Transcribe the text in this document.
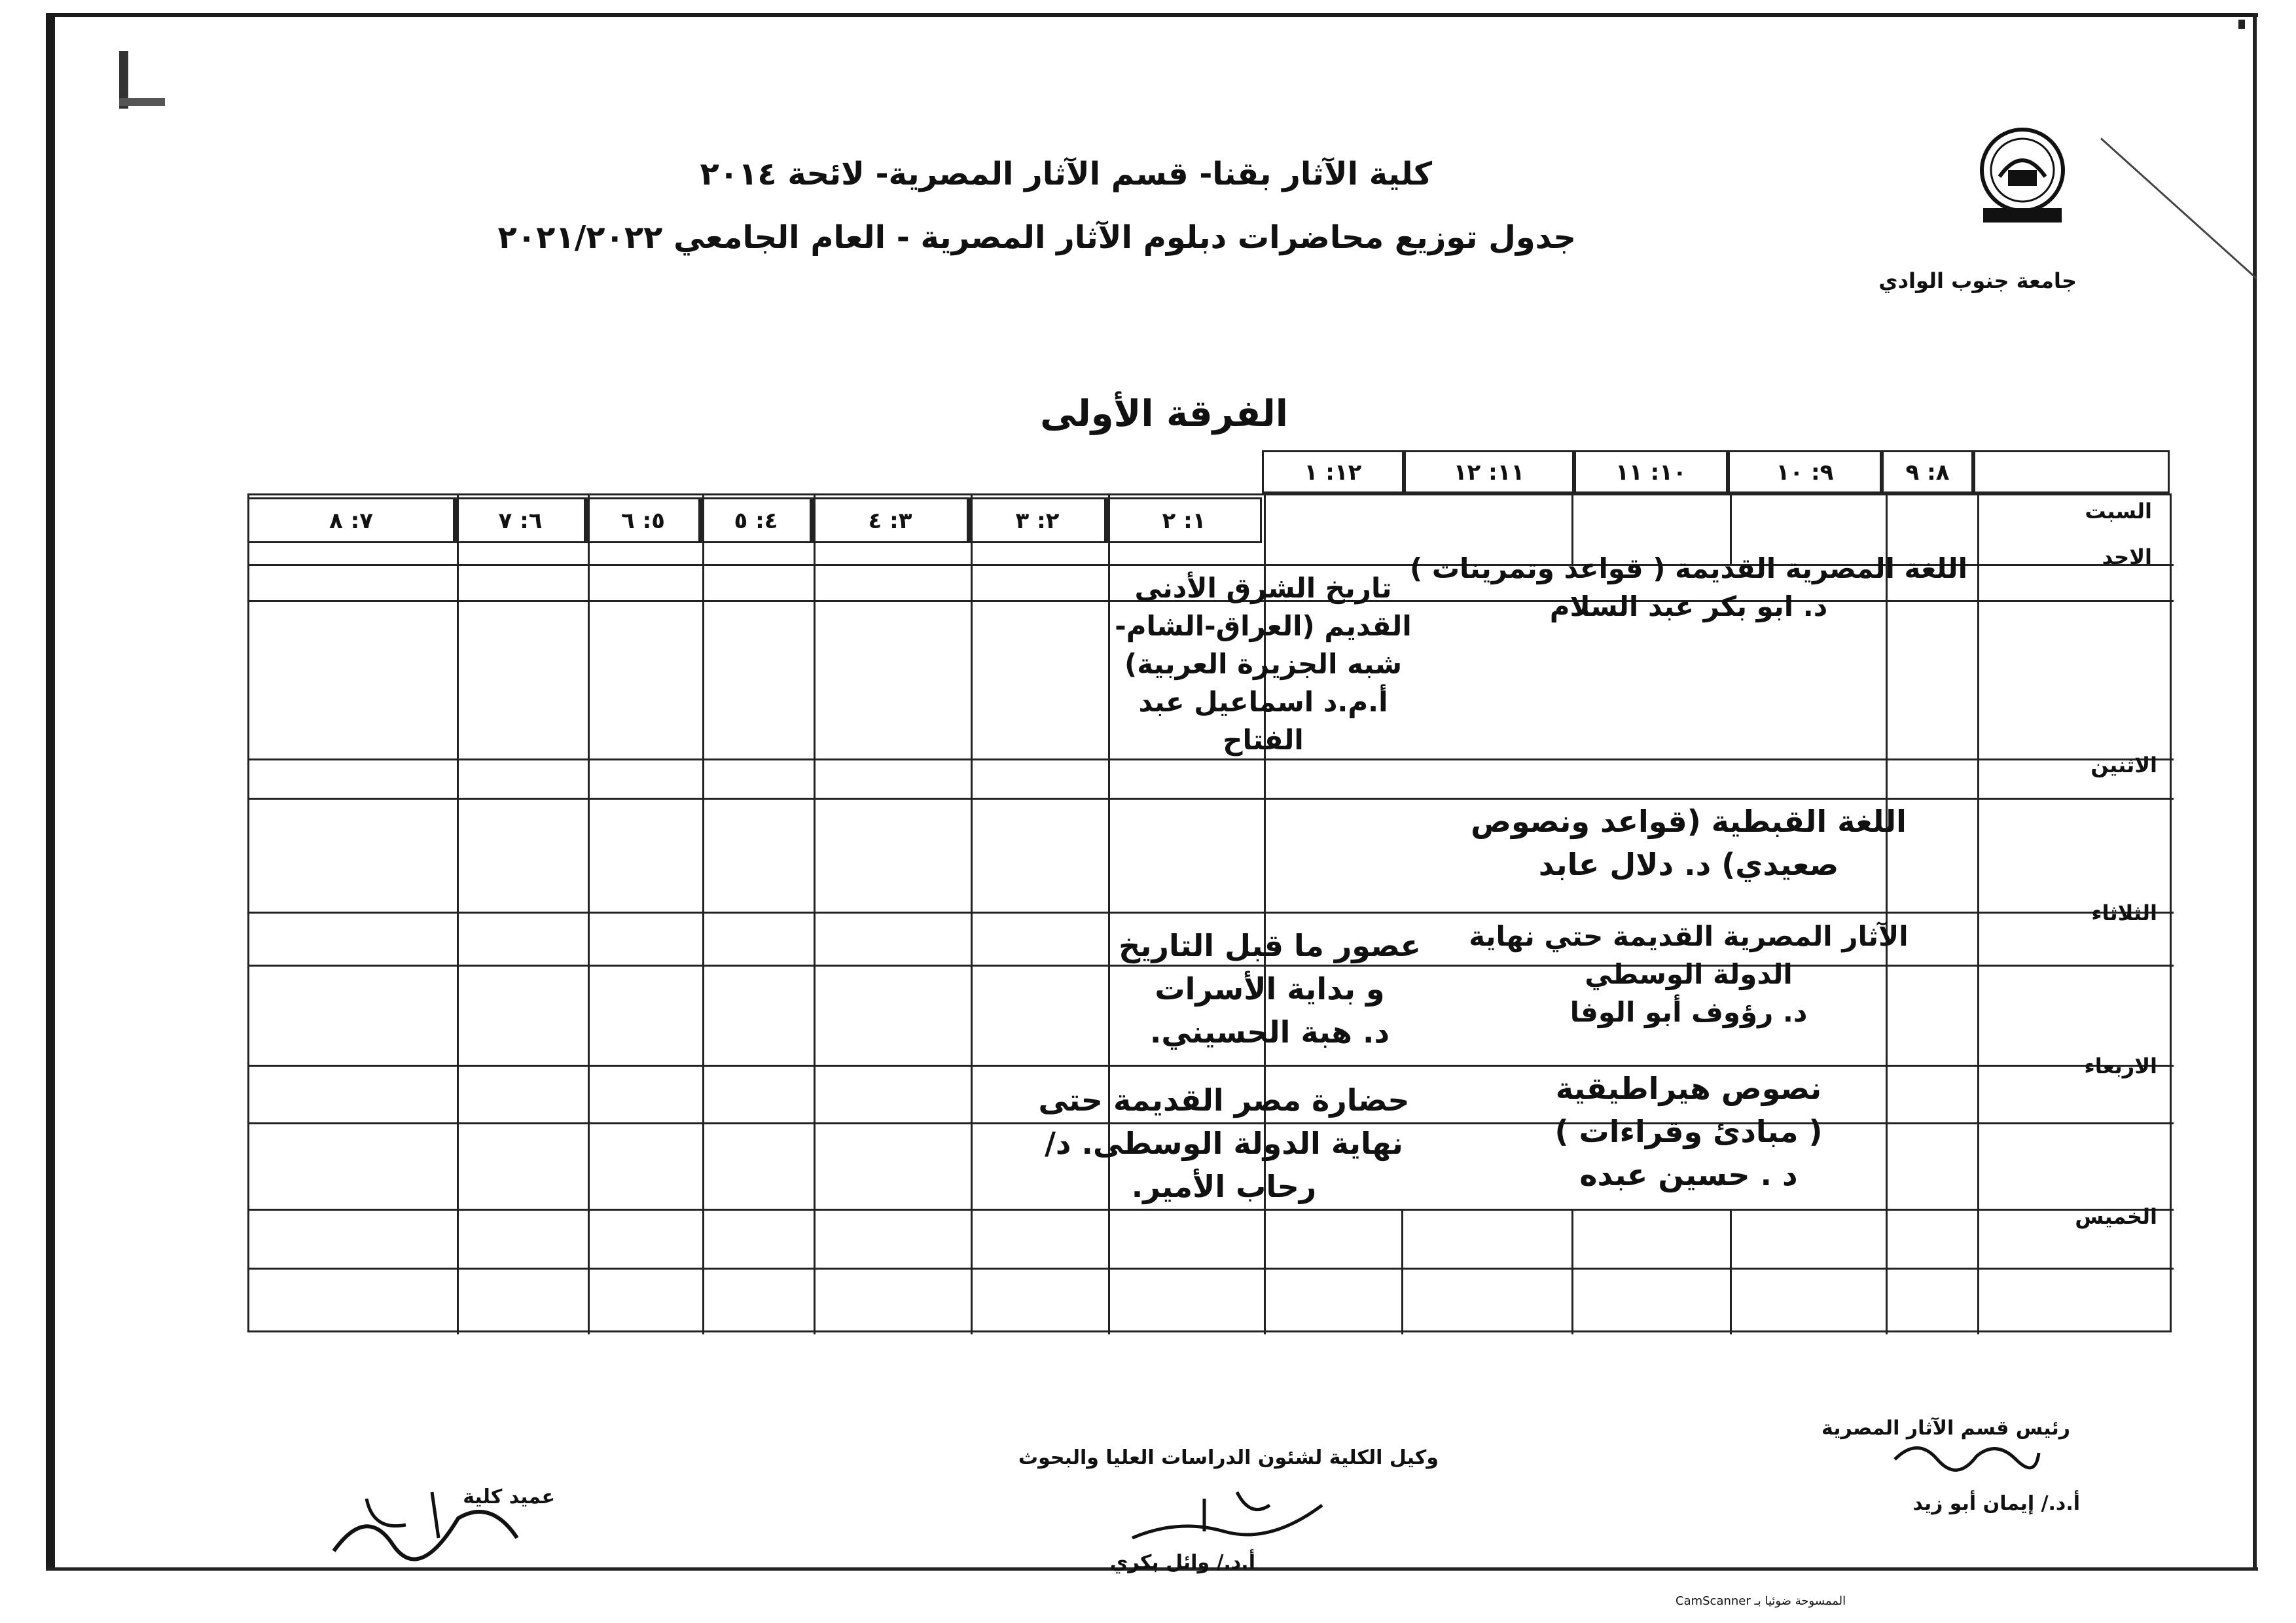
كلية الآثار بقنا- قسم الآثار المصرية- لائحة ٢٠١٤
جدول توزيع محاضرات دبلوم الآثار المصرية - العام الجامعي ٢٠٢١/٢٠٢٢
جامعة جنوب الوادي
الفرقة الأولى
٨: ٩
٩: ١٠
١٠: ١١
١١: ١٢
١٢: ١
١: ٢
٢: ٣
٣: ٤
٤: ٥
٥: ٦
٦: ٧
٧: ٨	السبت
الاحد
الاثنين
الثلاثاء
الاربعاء
الخميس
اللغة المصرية القديمة ( قواعد وتمرينات )
د. ابو بكر عبد السلام
تاريخ الشرق الأدنى
القديم (العراق-الشام-
شبه الجزيرة العربية)
أ.م.د اسماعيل عبد
الفتاح
اللغة القبطية (قواعد ونصوص
صعيدي) د. دلال عابد
الآثار المصرية القديمة حتي نهاية
الدولة الوسطي
د. رؤوف أبو الوفا
عصور ما قبل التاريخ
و بداية الأسرات
د. هبة الحسيني.
نصوص هيراطيقية
( مبادئ وقراءات )
د . حسين عبده
حضارة مصر القديمة حتى
نهاية الدولة الوسطى. د/
رحاب الأمير.
رئيس قسم الآثار المصرية
أ.د./ إيمان أبو زيد
وكيل الكلية لشئون الدراسات العليا والبحوث
أ.د./ وائل بكري
عميد كلية
الممسوحة ضوئيا بـ CamScanner
